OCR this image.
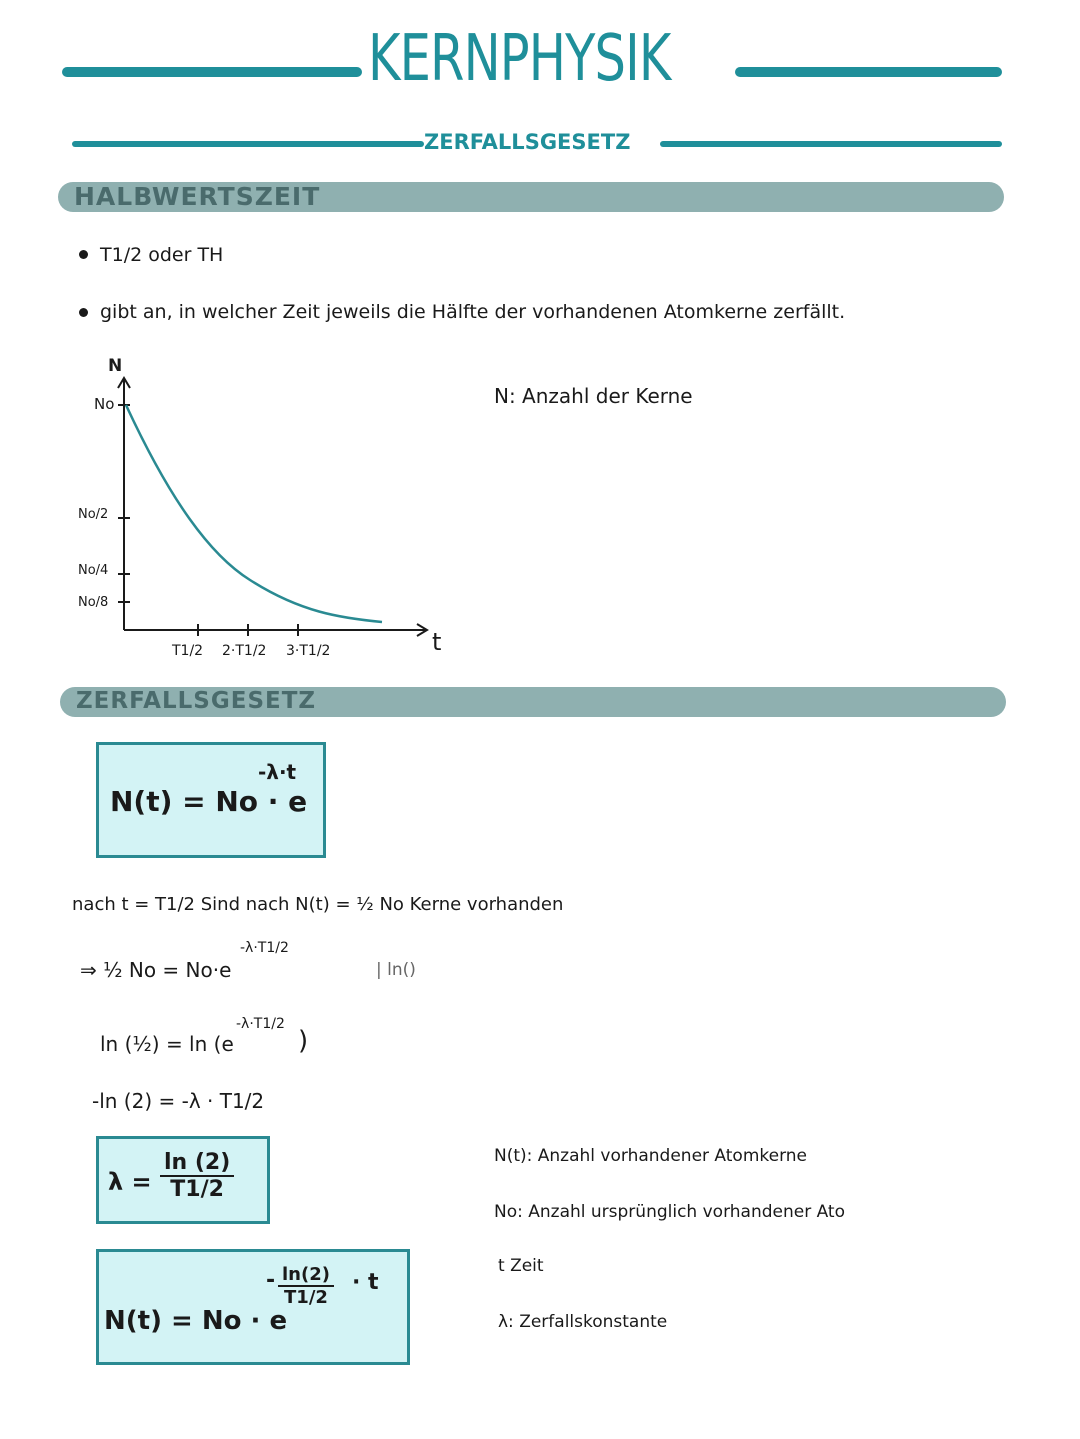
KERNPHYSIK
ZERFALLSGESETZ
HALBWERTSZEIT
T1/2 oder TH
gibt an, in welcher Zeit jeweils die Hälfte der vorhandenen Atomkerne zerfällt.
N
t
No
No/2
No/4
No/8
T1/2 2·T1/2 3·T1/2
N: Anzahl der Kerne
ZERFALLSGESETZ
N(t) = No · e
-λ·t
nach t = T1/2 Sind nach N(t) = ½ No Kerne vorhanden
⇒ ½ No = No·e
-λ·T1/2
| ln()
ln (½) = ln (e
-λ·T1/2
)
-ln (2) = -λ · T1/2
$\lambda = \frac{\ln (2)}{T1/2}$
N(t) = No · e
- $\frac{\ln(2)}{T1/2} \cdot t$
N(t): Anzahl vorhandener Atomkerne
No: Anzahl ursprünglich vorhandener Ato
t Zeit
λ: Zerfallskonstante
